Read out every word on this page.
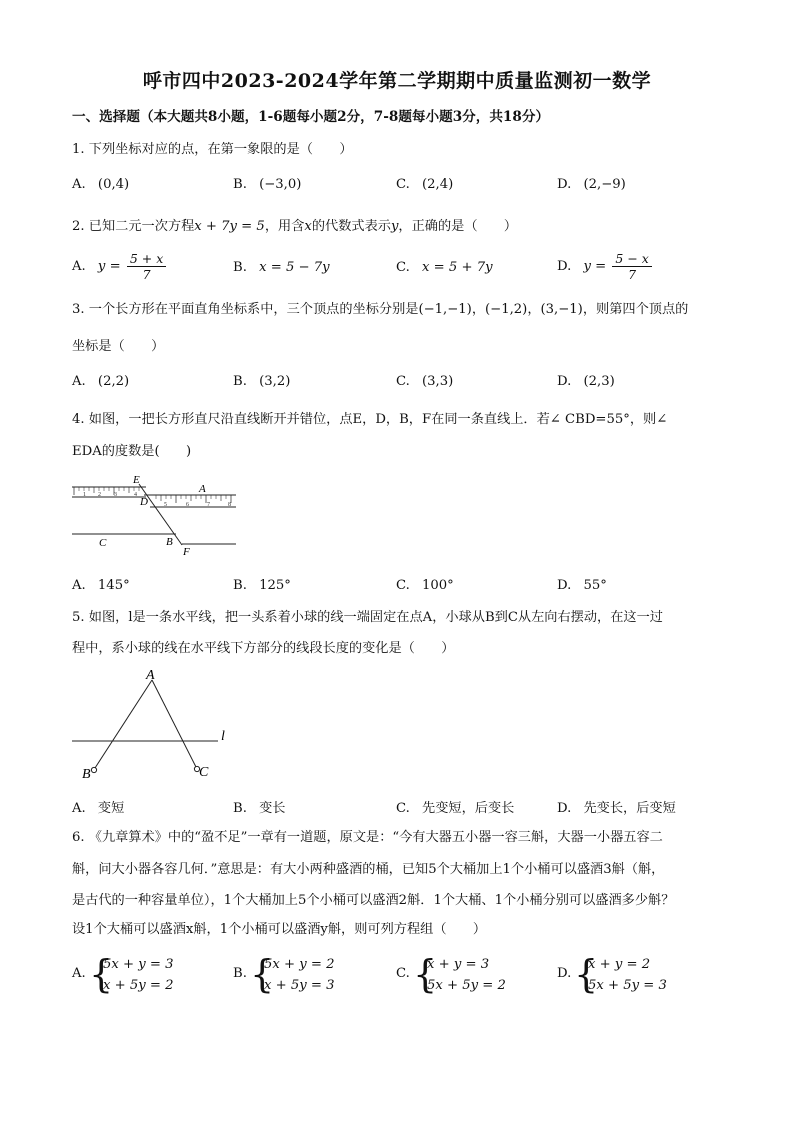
呼市四中2023-2024学年第二学期期中质量监测初一数学
一、选择题（本大题共8小题，1-6题每小题2分，7-8题每小题3分，共18分）
1. 下列坐标对应的点，在第一象限的是（　　）
A. (0,4)	B. (−3,0)	C. (2,4)	D. (2,−9)
2. 已知二元一次方程x + 7y = 5，用含x的代数式表示y，正确的是（　　）
A. $y = \frac{5 + x}{7}$	B. x = 5 − 7y	C. x = 5 + 7y	D. $y = \frac{5 - x}{7}$
3. 一个长方形在平面直角坐标系中，三个顶点的坐标分别是(−1,−1)，(−1,2)，(3,−1)，则第四个顶点的
坐标是（　　）
A. (2,2)	B. (3,2)	C. (3,3)	D. (2,3)
4. 如图，一把长方形直尺沿直线断开并错位，点E，D，B，F在同一条直线上．若∠ CBD=55°，则∠
EDA的度数是(　　)
1 2 3	4
5	6	7	8
E
D
A
C	B
F
A. 145°	B. 125°	C. 100°	D. 55°
5. 如图，l是一条水平线，把一头系着小球的线一端固定在点A，小球从B到C从左向右摆动，在这一过
程中，系小球的线在水平线下方部分的线段长度的变化是（　　）
A
B	C
l
A. 变短	B. 变长	C. 先变短，后变长	D. 先变长，后变短
6. 《九章算术》中的“盈不足”一章有一道题，原文是：“今有大器五小器一容三斛，大器一小器五容二
斛，问大小器各容几何．”意思是：有大小两种盛酒的桶，已知5个大桶加上1个小桶可以盛酒3斛（斛，
是古代的一种容量单位），1个大桶加上5个小桶可以盛酒2斛．1个大桶、1个小桶分别可以盛酒多少斛？
设1个大桶可以盛酒x斛，1个小桶可以盛酒y斛，则可列方程组（　　）
A. {
5x + y = 3
x + 5y = 2
B. {
5x + y = 2
x + 5y = 3
C. {
x + y = 3
5x + 5y = 2
D. {
x + y = 2
5x + 5y = 3
